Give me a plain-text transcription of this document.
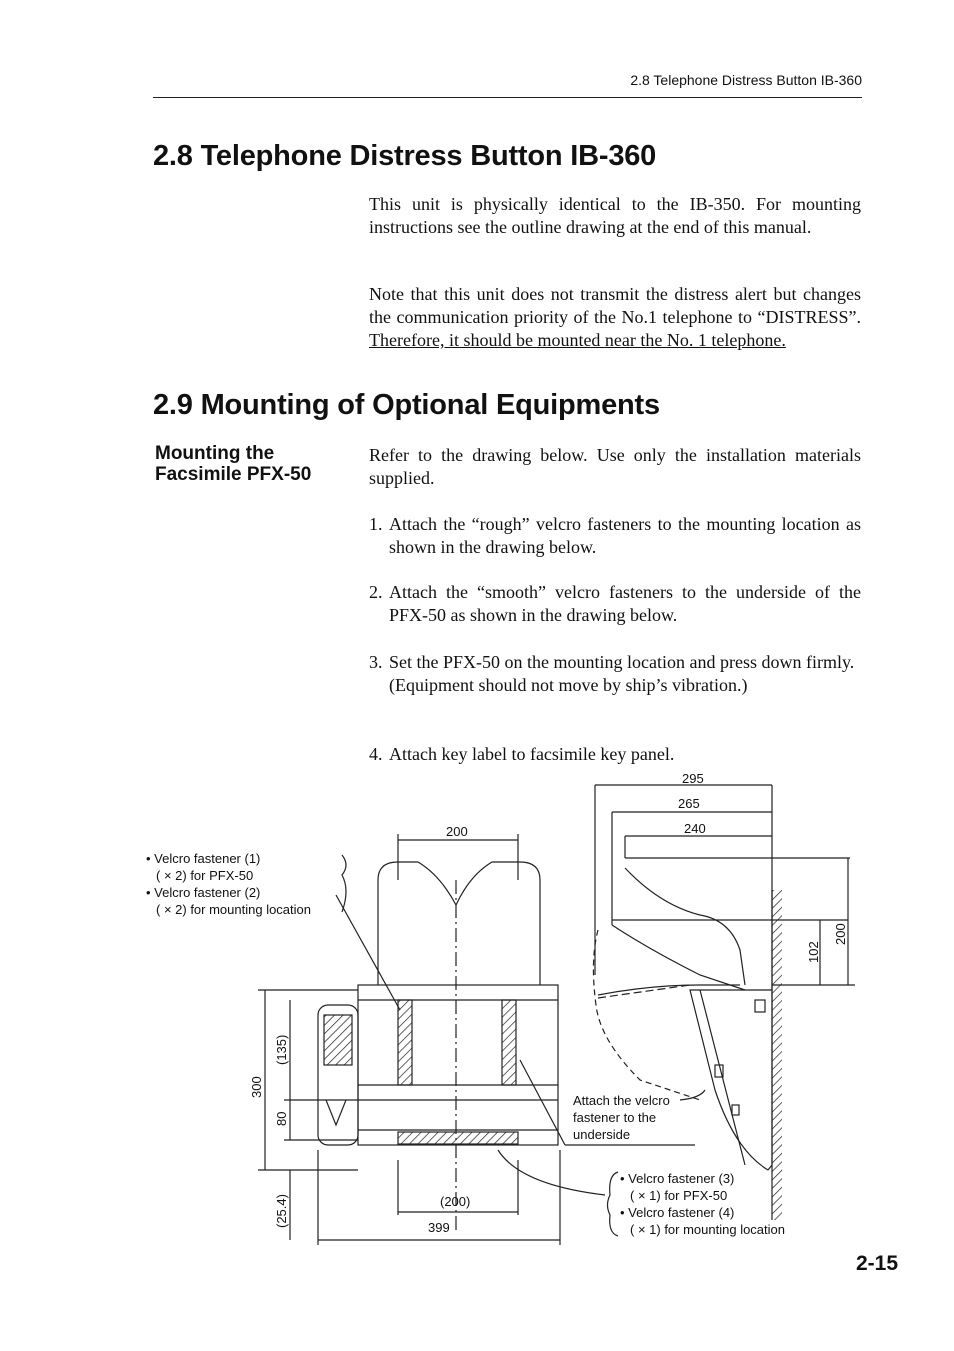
2.8 Telephone Distress Button IB-360
2.8 Telephone Distress Button IB-360
This unit is physically identical to the IB-350. For mounting instructions see the outline drawing at the end of this manual.
Note that this unit does not transmit the distress alert but changes the communication priority of the No.1 telephone to “DISTRESS”. Therefore, it should be mounted near the No. 1 telephone.
2.9 Mounting of Optional Equipments
Mounting the
Facsimile PFX-50
Refer to the drawing below. Use only the installation materials supplied.
1. Attach the “rough” velcro fasteners to the mounting location as shown in the drawing below.
2. Attach the “smooth” velcro fasteners to the underside of the PFX-50 as shown in the drawing below.
3. Set the PFX-50 on the mounting location and press down firmly.
(Equipment should not move by ship’s vibration.)
4. Attach key label to facsimile key panel.
295
265
240
200
200
102
300
(135)
80
(25.4)	(200)
399
• Velcro fastener (1)
( × 2) for PFX-50
• Velcro fastener (2)
( × 2) for mounting location
Attach the velcro
fastener to the
underside
• Velcro fastener (3)
( × 1) for PFX-50
• Velcro fastener (4)
( × 1) for mounting location
2-15
